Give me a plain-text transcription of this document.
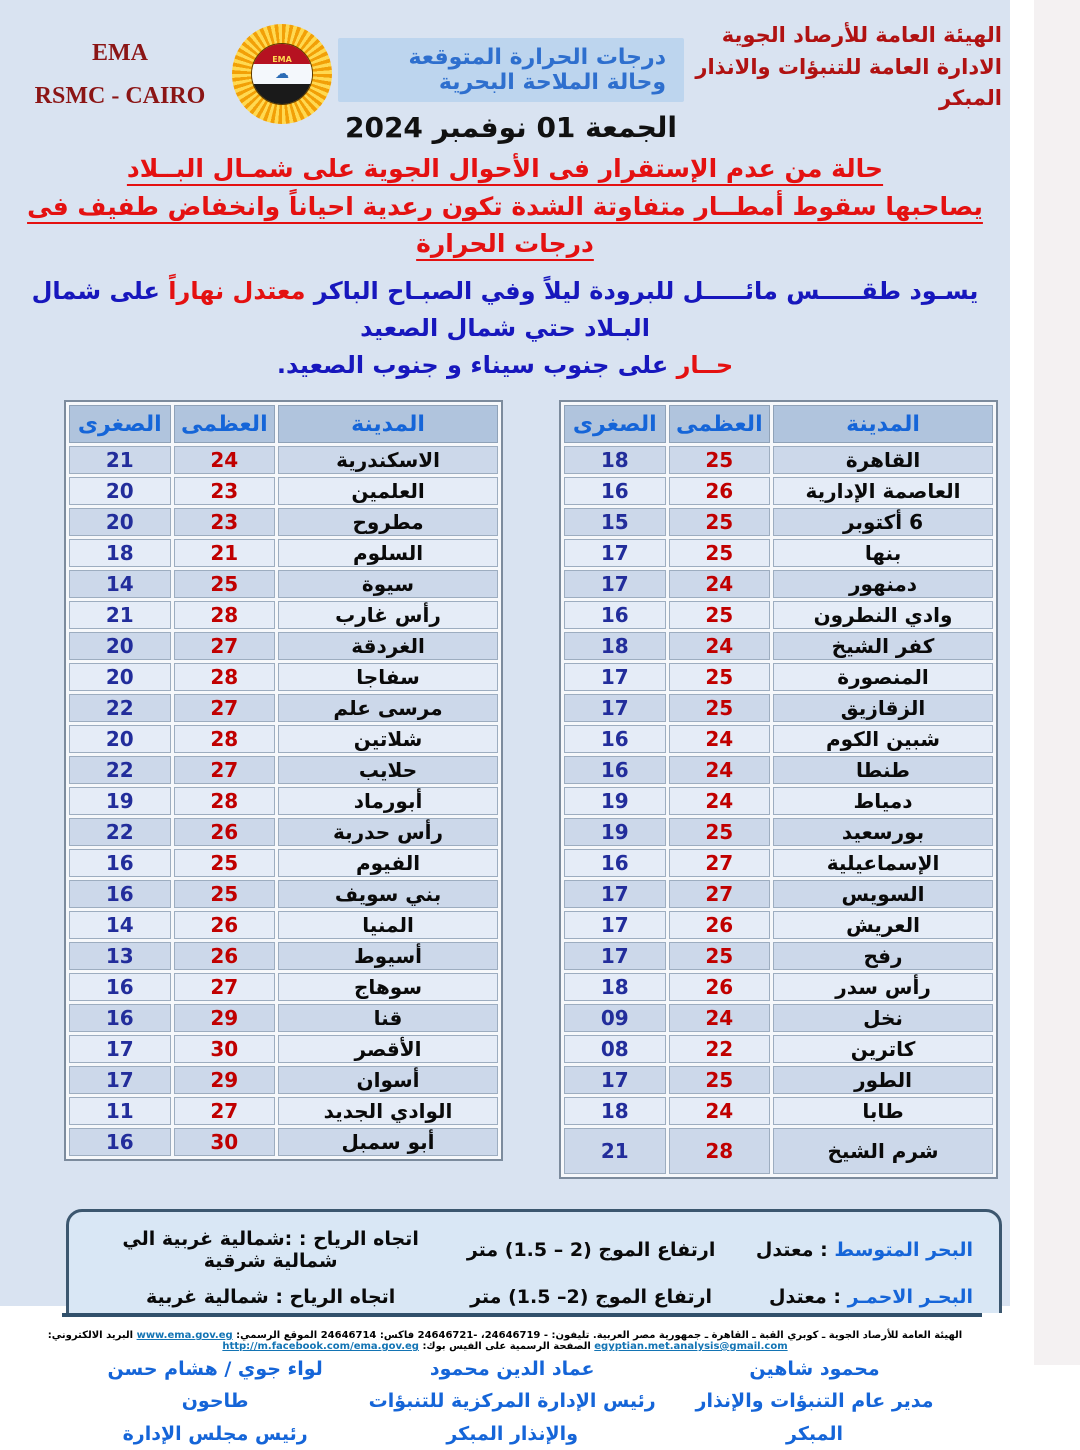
الهيئة العامة للأرصاد الجوية
الادارة العامة للتنبؤات والانذار المبكر
درجات الحرارة المتوقعة وحالة الملاحة البحرية
الجمعة 01 نوفمبر 2024
EMA
☁
EMA
RSMC - CAIRO
حالة من عدم الإستقرار فى الأحوال الجوية على شمـال البــلاد
يصاحبها سقوط أمطــار متفاوتة الشدة تكون رعدية احياناً وانخفاض طفيف فى درجات الحرارة
يسـود طقـــــس مائـــــل للبرودة ليلاً وفي الصبـاح الباكر معتدل نهاراً على شمال البـلاد حتي شمال الصعيد
حــار على جنوب سيناء و جنوب الصعيد.
المدينة	العظمى	الصغرى
القاهرة	25	18
العاصمة الإدارية	26	16
6 أكتوبر	25	15
بنها	25	17
دمنهور	24	17
وادي النطرون	25	16
كفر الشيخ	24	18
المنصورة	25	17
الزقازيق	25	17
شبين الكوم	24	16
طنطا	24	16
دمياط	24	19
بورسعيد	25	19
الإسماعيلية	27	16
السويس	27	17
العريش	26	17
رفح	25	17
رأس سدر	26	18
نخل	24	09
كاترين	22	08
الطور	25	17
طابا	24	18
شرم الشيخ	28	21
المدينة	العظمى	الصغرى
الاسكندرية	24	21
العلمين	23	20
مطروح	23	20
السلوم	21	18
سيوة	25	14
رأس غارب	28	21
الغردقة	27	20
سفاجا	28	20
مرسى علم	27	22
شلاتين	28	20
حلايب	27	22
أبورماد	28	19
رأس حدربة	26	22
الفيوم	25	16
بني سويف	25	16
المنيا	26	14
أسيوط	26	13
سوهاج	27	16
قنا	29	16
الأقصر	30	17
أسوان	29	17
الوادي الجديد	27	11
أبو سمبل	30	16
البحر المتوسط : معتدل
ارتفاع الموج ‪(1.5 – 2)‬ متر
اتجاه الرياح : :شمالية غربية الي شمالية شرقية
البحـر الاحمـر : معتدل
ارتفاع الموج ‪(1.5 –2)‬ متر
اتجاه الرياح : شمالية غربية
محمود شاهين
مدير عام التنبؤات والإنذار المبكر
عماد الدين محمود
رئيس الإدارة المركزية للتنبؤات والإنذار المبكر
لواء جوي / هشام حسن طاحون
رئيس مجلس الإدارة
الهيئة العامة للأرصاد الجوية ـ كوبري القبة ـ القاهرة ـ جمهورية مصر العربية. تليفون: - 24646719، -24646721 فاكس: 24646714 الموقع الرسمي: www.ema.gov.eg البريد الالكتروني: egyptian.met.analysis@gmail.com الصفحة الرسمية على الفيس بوك: http://m.facebook.com/ema.gov.eg
